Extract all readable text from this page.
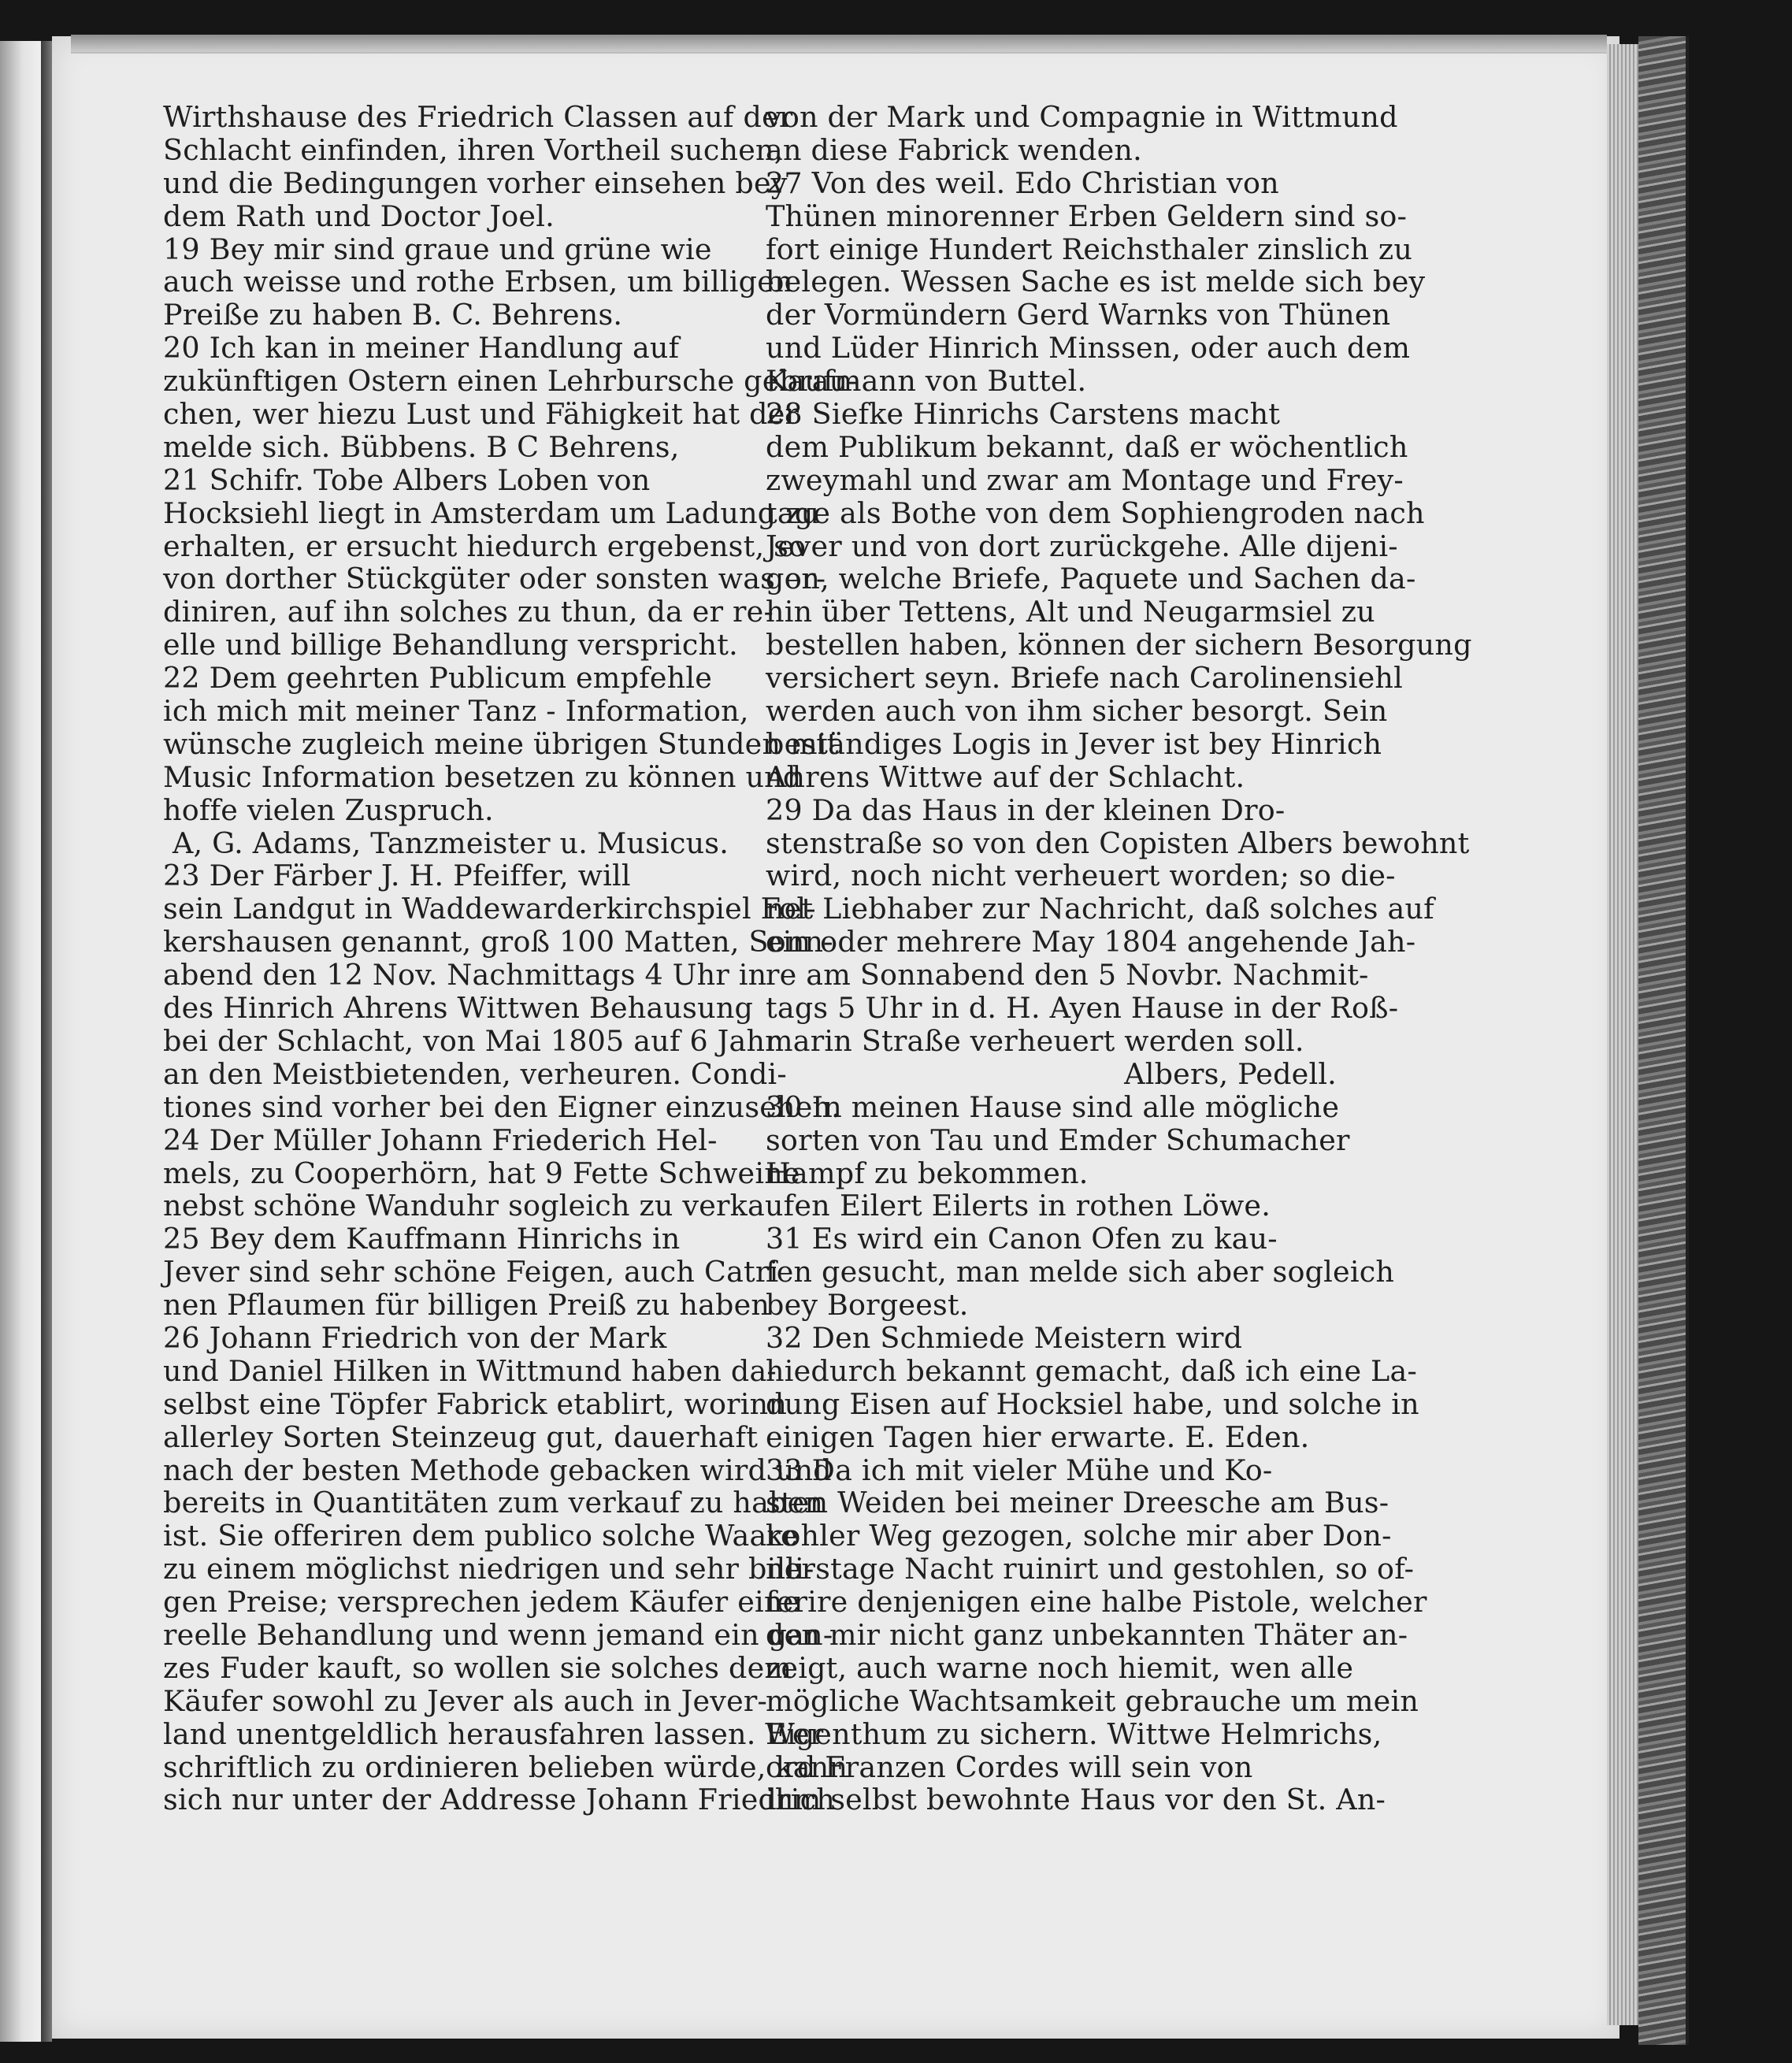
Wirthshause des Friedrich Classen auf der
Schlacht einfinden, ihren Vortheil suchen,
und die Bedingungen vorher einsehen bey
dem Rath und Doctor Joel.
19 Bey mir sind graue und grüne wie
auch weisse und rothe Erbsen, um billigen
Preiße zu haben B. C. Behrens.
20 Ich kan in meiner Handlung auf
zukünftigen Ostern einen Lehrbursche gebrau-
chen, wer hiezu Lust und Fähigkeit hat der
melde sich. Bübbens. B C Behrens,
21 Schifr. Tobe Albers Loben von
Hocksiehl liegt in Amsterdam um Ladung zu
erhalten, er ersucht hiedurch ergebenst, so
von dorther Stückgüter oder sonsten was or-
diniren, auf ihn solches zu thun, da er re-
elle und billige Behandlung verspricht.
22 Dem geehrten Publicum empfehle
ich mich mit meiner Tanz - Information,
wünsche zugleich meine übrigen Stunden mit
Music Information besetzen zu können und
hoffe vielen Zuspruch.
A, G. Adams, Tanzmeister u. Musicus.
23 Der Färber J. H. Pfeiffer, will
sein Landgut in Waddewarderkirchspiel Fol-
kershausen genannt, groß 100 Matten, Sonn-
abend den 12 Nov. Nachmittags 4 Uhr in
des Hinrich Ahrens Wittwen Behausung
bei der Schlacht, von Mai 1805 auf 6 Jahr
an den Meistbietenden, verheuren. Condi-
tiones sind vorher bei den Eigner einzusehen.
24 Der Müller Johann Friederich Hel-
mels, zu Cooperhörn, hat 9 Fette Schweine
nebst schöne Wanduhr sogleich zu verkaufen
25 Bey dem Kauffmann Hinrichs in
Jever sind sehr schöne Feigen, auch Catri
nen Pflaumen für billigen Preiß zu haben
26 Johann Friedrich von der Mark
und Daniel Hilken in Wittmund haben da-
selbst eine Töpfer Fabrick etablirt, worinn
allerley Sorten Steinzeug gut, dauerhaft
nach der besten Methode gebacken wird und
bereits in Quantitäten zum verkauf zu haben
ist. Sie offeriren dem publico solche Waare
zu einem möglichst niedrigen und sehr billi-
gen Preise; versprechen jedem Käufer eine
reelle Behandlung und wenn jemand ein gan-
zes Fuder kauft, so wollen sie solches dem
Käufer sowohl zu Jever als auch in Jever-
land unentgeldlich herausfahren lassen. Wer
schriftlich zu ordinieren belieben würde, kann
sich nur unter der Addresse Johann Friedrich
von der Mark und Compagnie in Wittmund
an diese Fabrick wenden.
27 Von des weil. Edo Christian von
Thünen minorenner Erben Geldern sind so-
fort einige Hundert Reichsthaler zinslich zu
belegen. Wessen Sache es ist melde sich bey
der Vormündern Gerd Warnks von Thünen
und Lüder Hinrich Minssen, oder auch dem
Kaufmann von Buttel.
28 Siefke Hinrichs Carstens macht
dem Publikum bekannt, daß er wöchentlich
zweymahl und zwar am Montage und Frey-
tage als Bothe von dem Sophiengroden nach
Jever und von dort zurückgehe. Alle dijeni-
gen, welche Briefe, Paquete und Sachen da-
hin über Tettens, Alt und Neugarmsiel zu
bestellen haben, können der sichern Besorgung
versichert seyn. Briefe nach Carolinensiehl
werden auch von ihm sicher besorgt. Sein
beständiges Logis in Jever ist bey Hinrich
Ahrens Wittwe auf der Schlacht.
29 Da das Haus in der kleinen Dro-
stenstraße so von den Copisten Albers bewohnt
wird, noch nicht verheuert worden; so die-
net Liebhaber zur Nachricht, daß solches auf
ein oder mehrere May 1804 angehende Jah-
re am Sonnabend den 5 Novbr. Nachmit-
tags 5 Uhr in d. H. Ayen Hause in der Roß-
marin Straße verheuert werden soll.
Albers, Pedell.
30 In meinen Hause sind alle mögliche
sorten von Tau und Emder Schumacher
Hampf zu bekommen.
Eilert Eilerts in rothen Löwe.
31 Es wird ein Canon Ofen zu kau-
fen gesucht, man melde sich aber sogleich
bey Borgeest.
32 Den Schmiede Meistern wird
hiedurch bekannt gemacht, daß ich eine La-
dung Eisen auf Hocksiel habe, und solche in
einigen Tagen hier erwarte. E. Eden.
33 Da ich mit vieler Mühe und Ko-
sten Weiden bei meiner Dreesche am Bus-
kohler Weg gezogen, solche mir aber Don-
nerstage Nacht ruinirt und gestohlen, so of-
ferire denjenigen eine halbe Pistole, welcher
den mir nicht ganz unbekannten Thäter an-
zeigt, auch warne noch hiemit, wen alle
mögliche Wachtsamkeit gebrauche um mein
Eigenthum zu sichern. Wittwe Helmrichs,
ord Franzen Cordes will sein von
ihm selbst bewohnte Haus vor den St. An-
